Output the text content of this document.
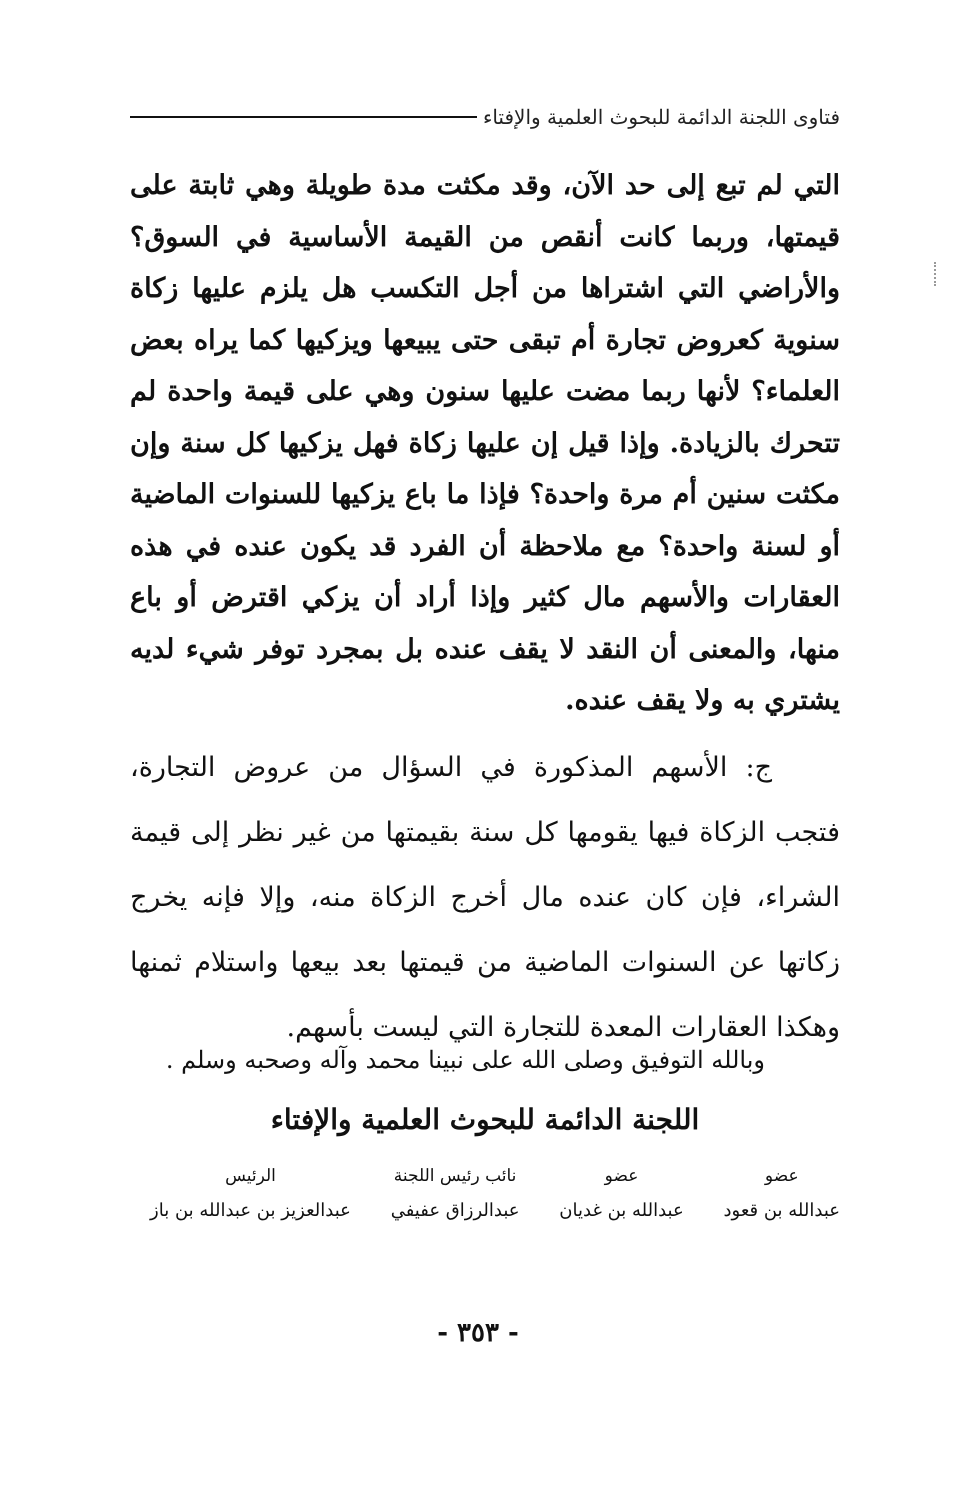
فتاوى اللجنة الدائمة للبحوث العلمية والإفتاء

التي لم تبع إلى حد الآن، وقد مكثت مدة طويلة وهي ثابتة على قيمتها، وربما كانت أنقص من القيمة الأساسية في السوق؟ والأراضي التي اشتراها من أجل التكسب هل يلزم عليها زكاة سنوية كعروض تجارة أم تبقى حتى يبيعها ويزكيها كما يراه بعض العلماء؟ لأنها ربما مضت عليها سنون وهي على قيمة واحدة لم تتحرك بالزيادة. وإذا قيل إن عليها زكاة فهل يزكيها كل سنة وإن مكثت سنين أم مرة واحدة؟ فإذا ما باع يزكيها للسنوات الماضية أو لسنة واحدة؟ مع ملاحظة أن الفرد قد يكون عنده في هذه العقارات والأسهم مال كثير وإذا أراد أن يزكي اقترض أو باع منها، والمعنى أن النقد لا يقف عنده بل بمجرد توفر شيء لديه يشتري به ولا يقف عنده.

ج: الأسهم المذكورة في السؤال من عروض التجارة، فتجب الزكاة فيها يقومها كل سنة بقيمتها من غير نظر إلى قيمة الشراء، فإن كان عنده مال أخرج الزكاة منه، وإلا فإنه يخرج زكاتها عن السنوات الماضية من قيمتها بعد بيعها واستلام ثمنها وهكذا العقارات المعدة للتجارة التي ليست بأسهم.

وبالله التوفيق وصلى الله على نبينا محمد وآله وصحبه وسلم .

اللجنة الدائمة للبحوث العلمية والإفتاء
عضو
عبدالله بن قعود
عضو
عبدالله بن غديان
نائب رئيس اللجنة
عبدالرزاق عفيفي
الرئيس
عبدالعزيز بن عبدالله بن باز
- ٣٥٣ -
